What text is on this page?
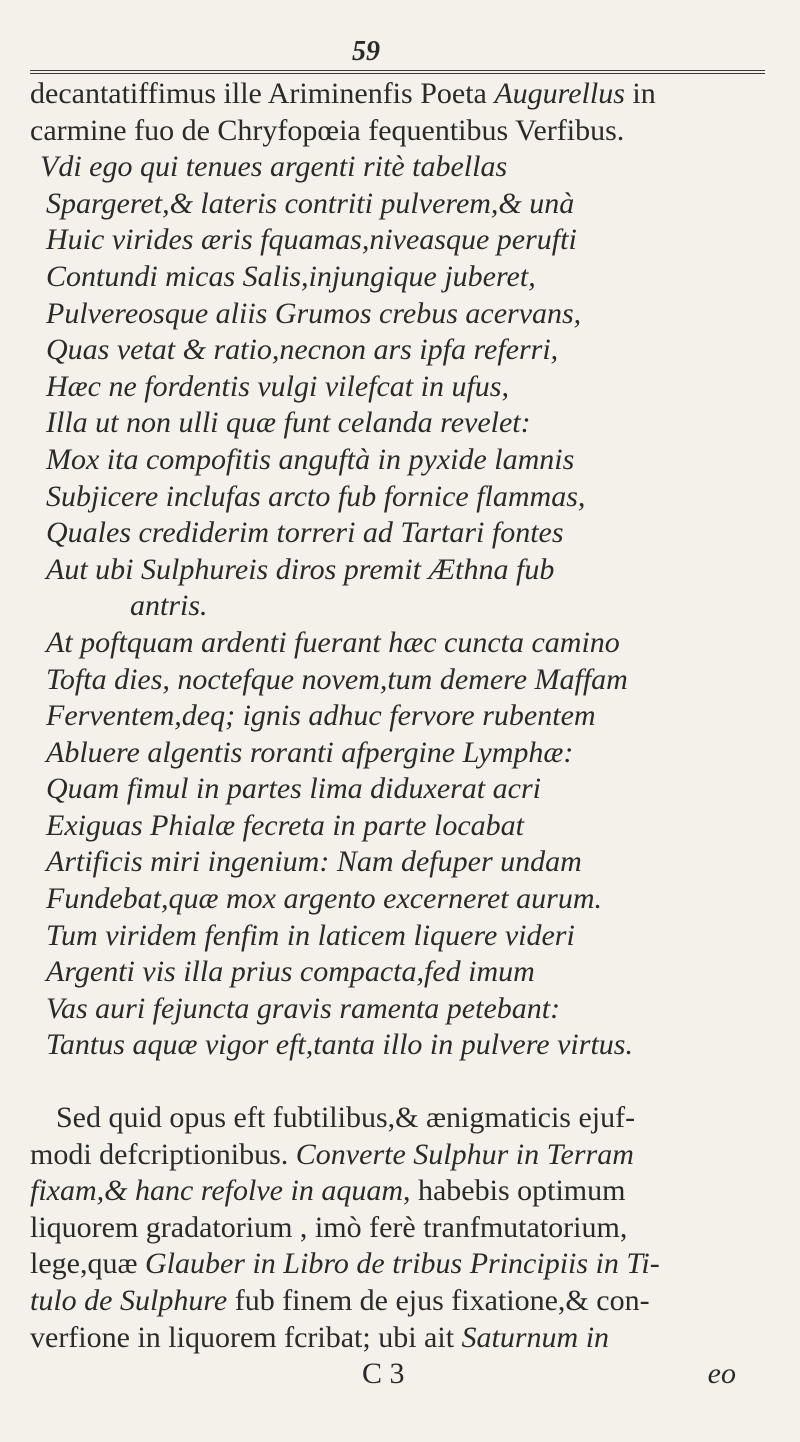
59
decantatiffimus ille Ariminenfis Poeta Augurellus in
carmine fuo de Chryfopœia fequentibus Verfibus.
Vdi ego qui tenues argenti ritè tabellas
Spargeret,& lateris contriti pulverem,& unà
Huic virides æris fquamas,niveasque perufti
Contundi micas Salis,injungique juberet,
Pulvereosque aliis Grumos crebus acervans,
Quas vetat & ratio,necnon ars ipfa referri,
Hæc ne fordentis vulgi vilefcat in ufus,
Illa ut non ulli quæ funt celanda revelet:
Mox ita compofitis anguftà in pyxide lamnis
Subjicere inclufas arcto fub fornice flammas,
Quales crediderim torreri ad Tartari fontes
Aut ubi Sulphureis diros premit Æthna fub
antris.
At poftquam ardenti fuerant hæc cuncta camino
Tofta dies, noctefque novem,tum demere Maffam
Ferventem,deq; ignis adhuc fervore rubentem
Abluere algentis roranti afpergine Lymphæ:
Quam fimul in partes lima diduxerat acri
Exiguas Phialæ fecreta in parte locabat
Artificis miri ingenium: Nam defuper undam
Fundebat,quæ mox argento excerneret aurum.
Tum viridem fenfim in laticem liquere videri
Argenti vis illa prius compacta,fed imum
Vas auri fejuncta gravis ramenta petebant:
Tantus aquæ vigor eft,tanta illo in pulvere virtus.
Sed quid opus eft fubtilibus,& ænigmaticis ejuf-
modi defcriptionibus. Converte Sulphur in Terram
fixam,& hanc refolve in aquam, habebis optimum
liquorem gradatorium , imò ferè tranfmutatorium,
lege,quæ Glauber in Libro de tribus Principiis in Ti-
tulo de Sulphure fub finem de ejus fixatione,& con-
verfione in liquorem fcribat; ubi ait Saturnum in
C 3	eo
